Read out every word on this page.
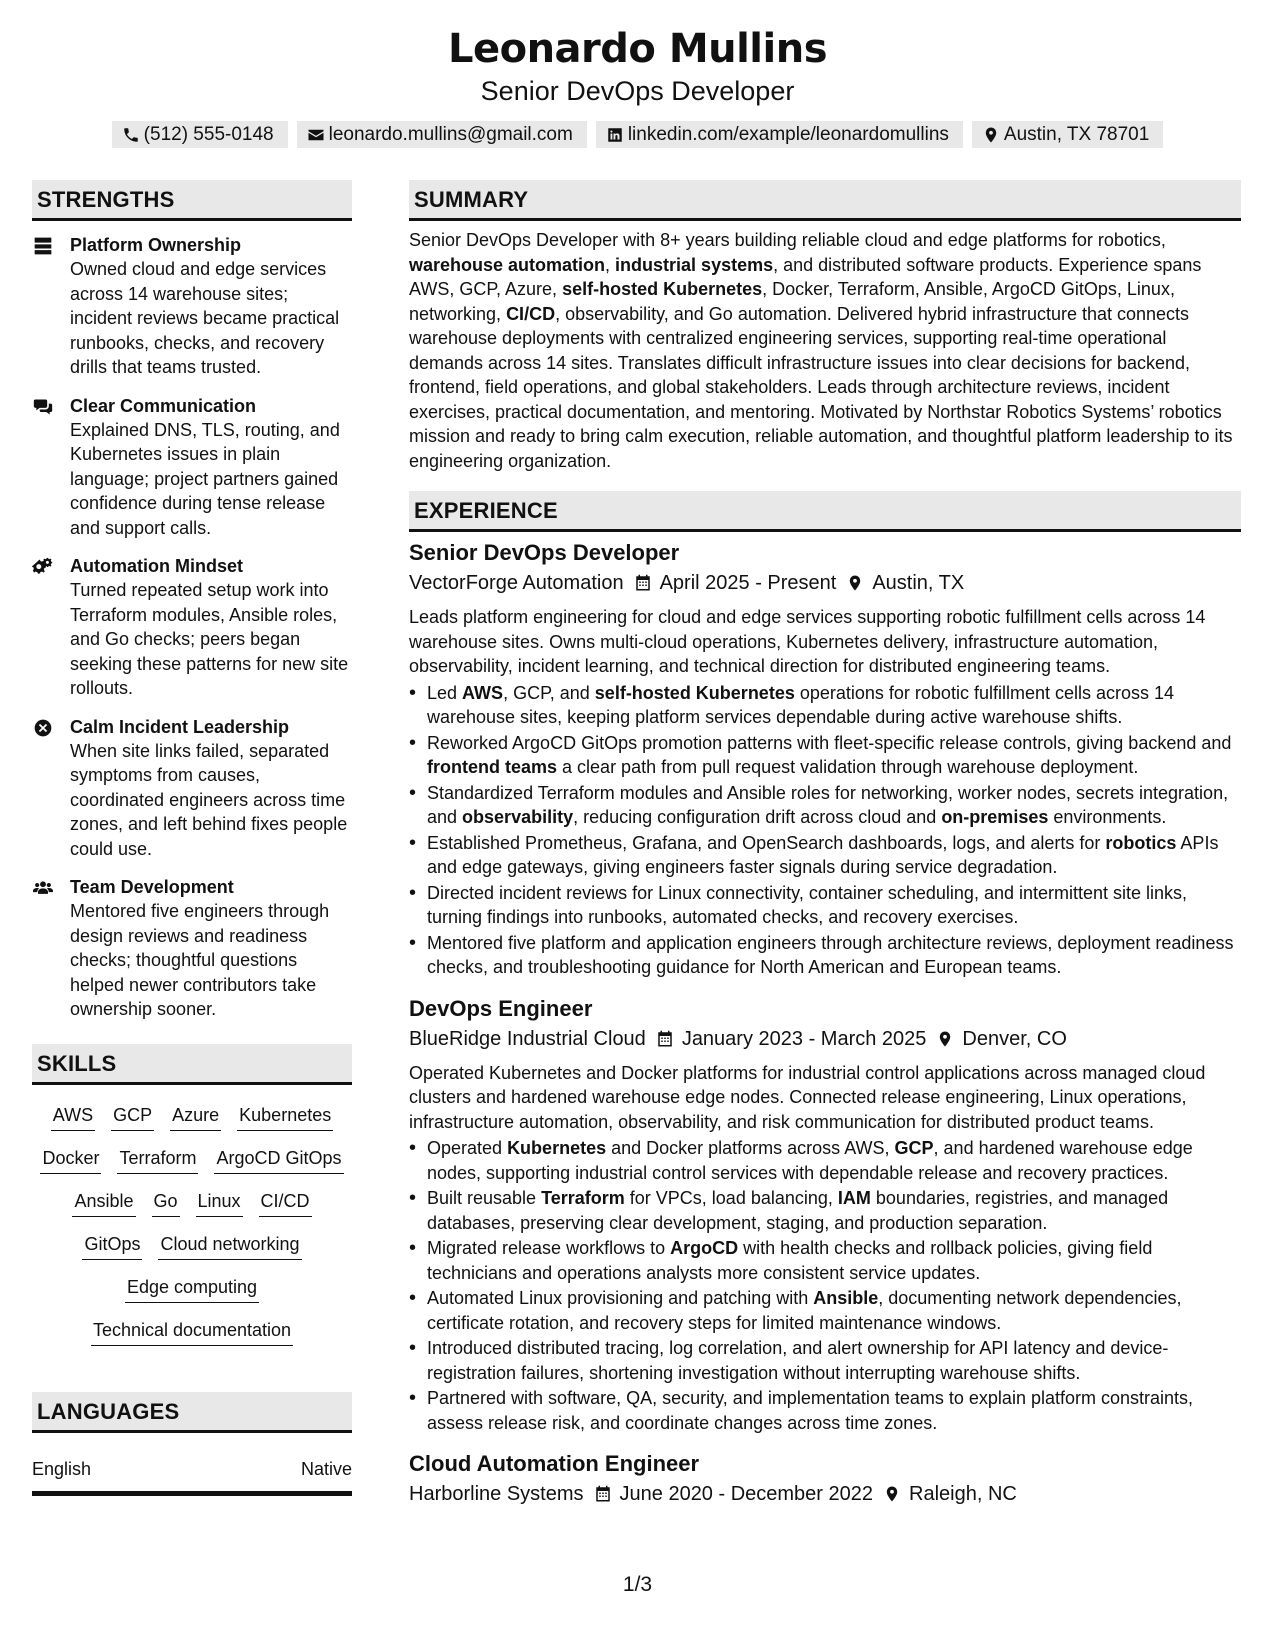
Leonardo Mullins
Senior DevOps Developer
(512) 555-0148	leonardo.mullins@gmail.com	linkedin.com/example/leonardomullins	Austin, TX 78701
STRENGTHS
Platform Ownership
Owned cloud and edge services across 14 warehouse sites; incident reviews became practical runbooks, checks, and recovery drills that teams trusted.
Clear Communication
Explained DNS, TLS, routing, and Kubernetes issues in plain language; project partners gained confidence during tense release and support calls.
Automation Mindset
Turned repeated setup work into Terraform modules, Ansible roles, and Go checks; peers began seeking these patterns for new site rollouts.
Calm Incident Leadership
When site links failed, separated symptoms from causes, coordinated engineers across time zones, and left behind fixes people could use.
Team Development
Mentored five engineers through design reviews and readiness checks; thoughtful questions helped newer contributors take ownership sooner.
SKILLS
AWS GCP Azure Kubernetes
Docker Terraform ArgoCD GitOps
Ansible Go Linux CI/CD
GitOps Cloud networking
Edge computing
Technical documentation
LANGUAGES
English	Native
SUMMARY
Senior DevOps Developer with 8+ years building reliable cloud and edge platforms for robotics, warehouse automation, industrial systems, and distributed software products. Experience spans AWS, GCP, Azure, self-hosted Kubernetes, Docker, Terraform, Ansible, ArgoCD GitOps, Linux, networking, CI/CD, observability, and Go automation. Delivered hybrid infrastructure that connects warehouse deployments with centralized engineering services, supporting real-time operational demands across 14 sites. Translates difficult infrastructure issues into clear decisions for backend, frontend, field operations, and global stakeholders. Leads through architecture reviews, incident exercises, practical documentation, and mentoring. Motivated by Northstar Robotics Systems’ robotics mission and ready to bring calm execution, reliable automation, and thoughtful platform leadership to its engineering organization.
EXPERIENCE
Senior DevOps Developer
VectorForge Automation April 2025 - Present Austin, TX
Leads platform engineering for cloud and edge services supporting robotic fulfillment cells across 14 warehouse sites. Owns multi-cloud operations, Kubernetes delivery, infrastructure automation, observability, incident learning, and technical direction for distributed engineering teams.
• Led AWS, GCP, and self-hosted Kubernetes operations for robotic fulfillment cells across 14 warehouse sites, keeping platform services dependable during active warehouse shifts.
• Reworked ArgoCD GitOps promotion patterns with fleet-specific release controls, giving backend and frontend teams a clear path from pull request validation through warehouse deployment.
• Standardized Terraform modules and Ansible roles for networking, worker nodes, secrets integration, and observability, reducing configuration drift across cloud and on-premises environments.
• Established Prometheus, Grafana, and OpenSearch dashboards, logs, and alerts for robotics APIs and edge gateways, giving engineers faster signals during service degradation.
• Directed incident reviews for Linux connectivity, container scheduling, and intermittent site links, turning findings into runbooks, automated checks, and recovery exercises.
• Mentored five platform and application engineers through architecture reviews, deployment readiness checks, and troubleshooting guidance for North American and European teams.
DevOps Engineer
BlueRidge Industrial Cloud January 2023 - March 2025 Denver, CO
Operated Kubernetes and Docker platforms for industrial control applications across managed cloud clusters and hardened warehouse edge nodes. Connected release engineering, Linux operations, infrastructure automation, observability, and risk communication for distributed product teams.
• Operated Kubernetes and Docker platforms across AWS, GCP, and hardened warehouse edge nodes, supporting industrial control services with dependable release and recovery practices.
• Built reusable Terraform for VPCs, load balancing, IAM boundaries, registries, and managed databases, preserving clear development, staging, and production separation.
• Migrated release workflows to ArgoCD with health checks and rollback policies, giving field technicians and operations analysts more consistent service updates.
• Automated Linux provisioning and patching with Ansible, documenting network dependencies, certificate rotation, and recovery steps for limited maintenance windows.
• Introduced distributed tracing, log correlation, and alert ownership for API latency and device-registration failures, shortening investigation without interrupting warehouse shifts.
• Partnered with software, QA, security, and implementation teams to explain platform constraints, assess release risk, and coordinate changes across time zones.
Cloud Automation Engineer
Harborline Systems June 2020 - December 2022 Raleigh, NC
1/3
